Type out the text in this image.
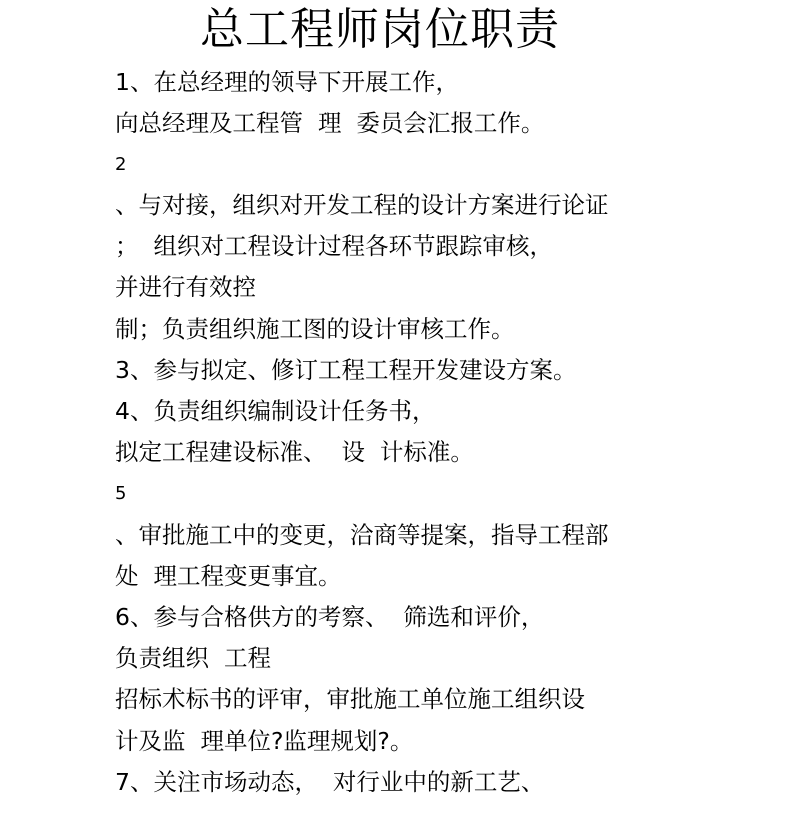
总工程师岗位职责
1、在总经理的领导下开展工作，
向总经理及工程管  理  委员会汇报工作。
2
、与对接，组织对开发工程的设计方案进行论证
；  组织对工程设计过程各环节跟踪审核，
并进行有效控
制；负责组织施工图的设计审核工作。
3、参与拟定、修订工程工程开发建设方案。
4、负责组织编制设计任务书，
拟定工程建设标准、  设  计标准。
5
、审批施工中的变更，洽商等提案，指导工程部
处  理工程变更事宜。
6、参与合格供方的考察、  筛选和评价，
负责组织  工程
招标术标书的评审，审批施工单位施工组织设
计及监  理单位?监理规划?。
7、关注市场动态，  对行业中的新工艺、
